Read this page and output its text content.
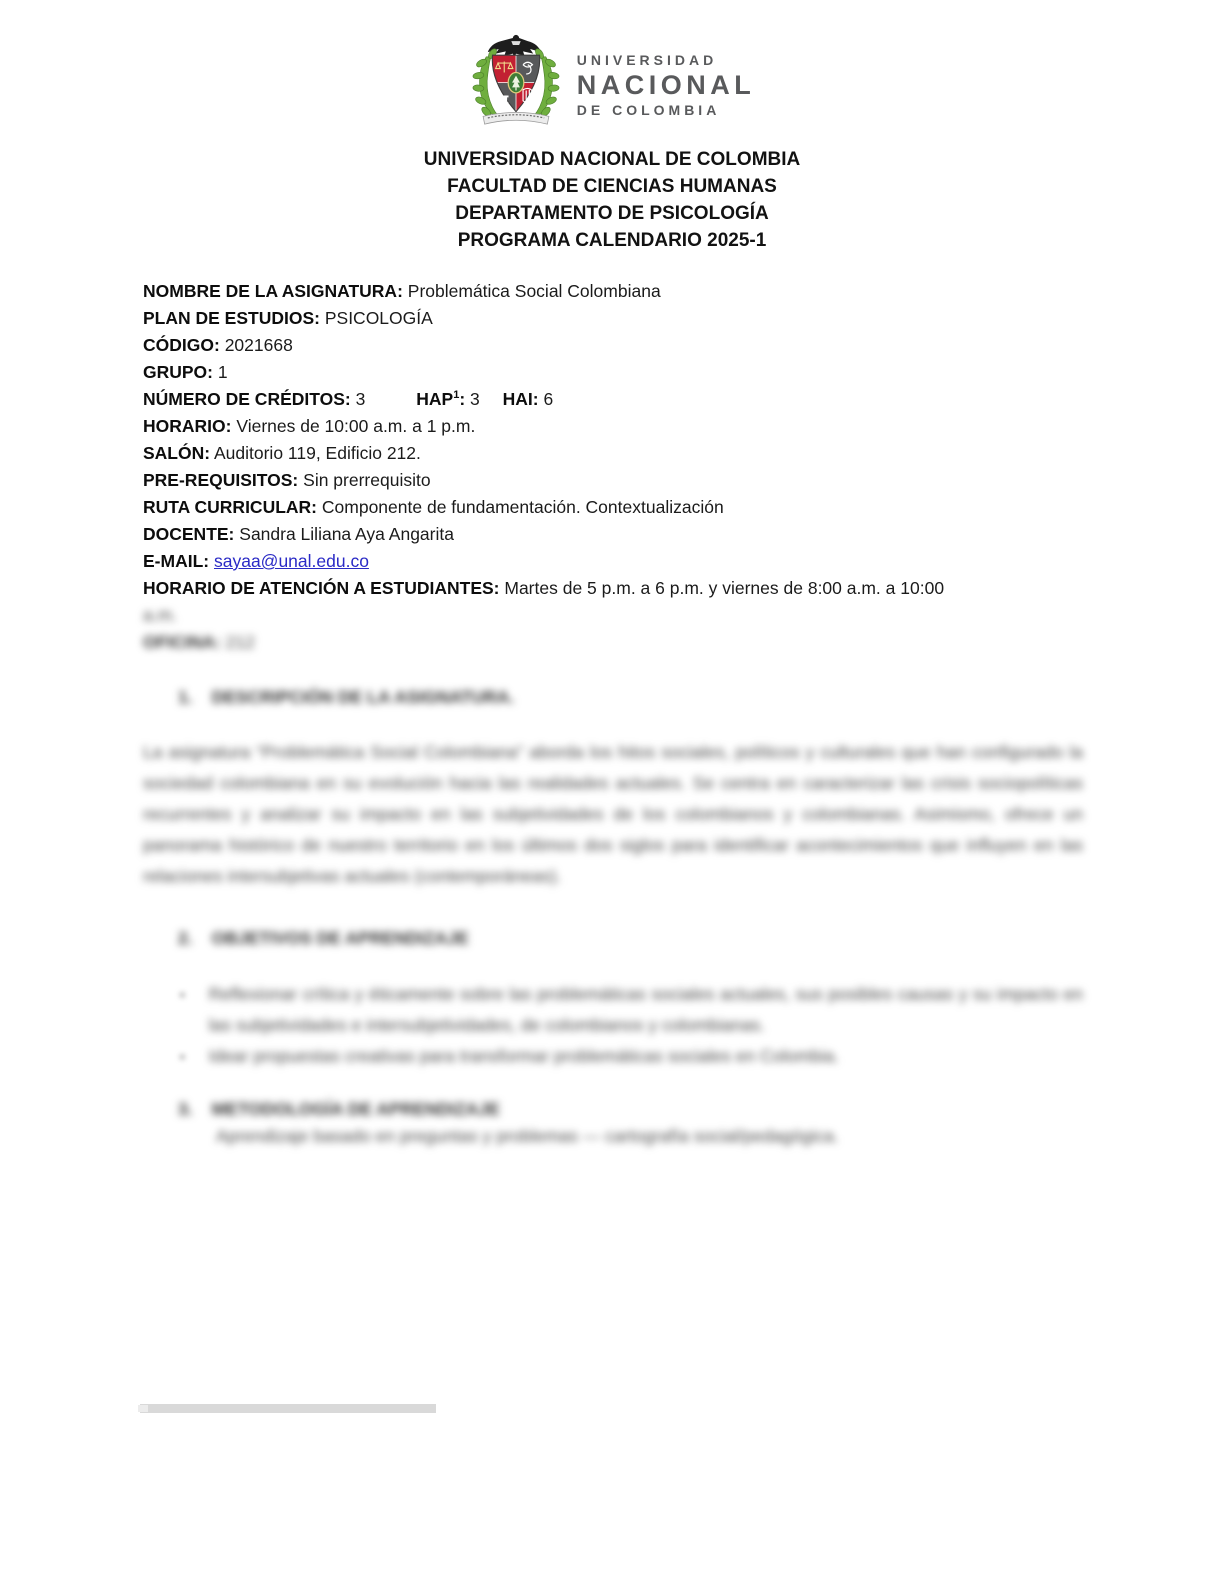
π
UNIVERSIDAD
NACIONAL
DE COLOMBIA
UNIVERSIDAD NACIONAL DE COLOMBIA
FACULTAD DE CIENCIAS HUMANAS
DEPARTAMENTO DE PSICOLOGÍA
PROGRAMA CALENDARIO 2025-1
NOMBRE DE LA ASIGNATURA: Problemática Social Colombiana
PLAN DE ESTUDIOS: PSICOLOGÍA
CÓDIGO: 2021668
GRUPO: 1
NÚMERO DE CRÉDITOS: 3	HAP$^1$: 3 HAI: 6
HORARIO: Viernes de 10:00 a.m. a 1 p.m.
SALÓN: Auditorio 119, Edificio 212.
PRE-REQUISITOS: Sin prerrequisito
RUTA CURRICULAR: Componente de fundamentación. Contextualización
DOCENTE: Sandra Liliana Aya Angarita
E-MAIL: sayaa@unal.edu.co
HORARIO DE ATENCIÓN A ESTUDIANTES: Martes de 5 p.m. a 6 p.m. y viernes de 8:00 a.m. a 10:00
a.m.
OFICINA: 212
1. DESCRIPCIÓN DE LA ASIGNATURA.

La asignatura “Problemática Social Colombiana” aborda los hitos sociales, políticos y culturales que han configurado la sociedad colombiana en su evolución hacia las realidades actuales. Se centra en caracterizar las crisis sociopolíticas recurrentes y analizar su impacto en las subjetividades de los colombianos y colombianas. Asimismo, ofrece un panorama histórico de nuestro territorio en los últimos dos siglos para identificar acontecimientos que influyen en las relaciones intersubjetivas actuales (contemporáneas).

2. OBJETIVOS DE APRENDIZAJE
▪ Reflexionar crítica y éticamente sobre las problemáticas sociales actuales, sus posibles causas y su impacto en las subjetividades e intersubjetividades, de colombianos y colombianas.
▪ Idear propuestas creativas para transformar problemáticas sociales en Colombia.
3. METODOLOGÍA DE APRENDIZAJE
Aprendizaje basado en preguntas y problemas — cartografía social/pedagógica.
